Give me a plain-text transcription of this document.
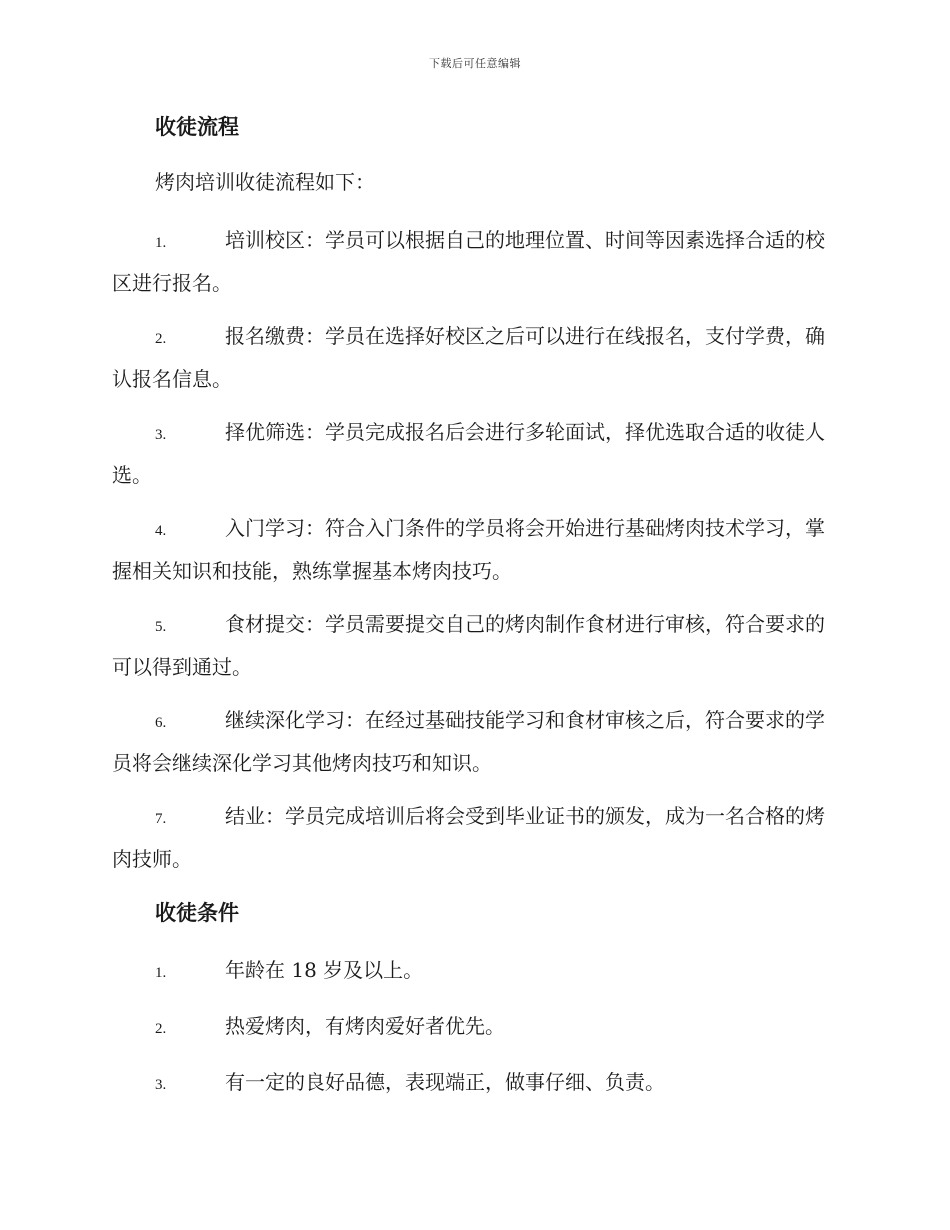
下载后可任意编辑
收徒流程
烤肉培训收徒流程如下：
1.	培训校区：学员可以根据自己的地理位置、时间等因素选择合适的校区进行报名。
2.	报名缴费：学员在选择好校区之后可以进行在线报名，支付学费，确认报名信息。
3.	择优筛选：学员完成报名后会进行多轮面试，择优选取合适的收徒人选。
4.	入门学习：符合入门条件的学员将会开始进行基础烤肉技术学习，掌握相关知识和技能，熟练掌握基本烤肉技巧。
5.	食材提交：学员需要提交自己的烤肉制作食材进行审核，符合要求的可以得到通过。
6.	继续深化学习：在经过基础技能学习和食材审核之后，符合要求的学员将会继续深化学习其他烤肉技巧和知识。
7.	结业：学员完成培训后将会受到毕业证书的颁发，成为一名合格的烤肉技师。
收徒条件
1.	年龄在 18 岁及以上。
2.	热爱烤肉，有烤肉爱好者优先。
3.	有一定的良好品德，表现端正，做事仔细、负责。
